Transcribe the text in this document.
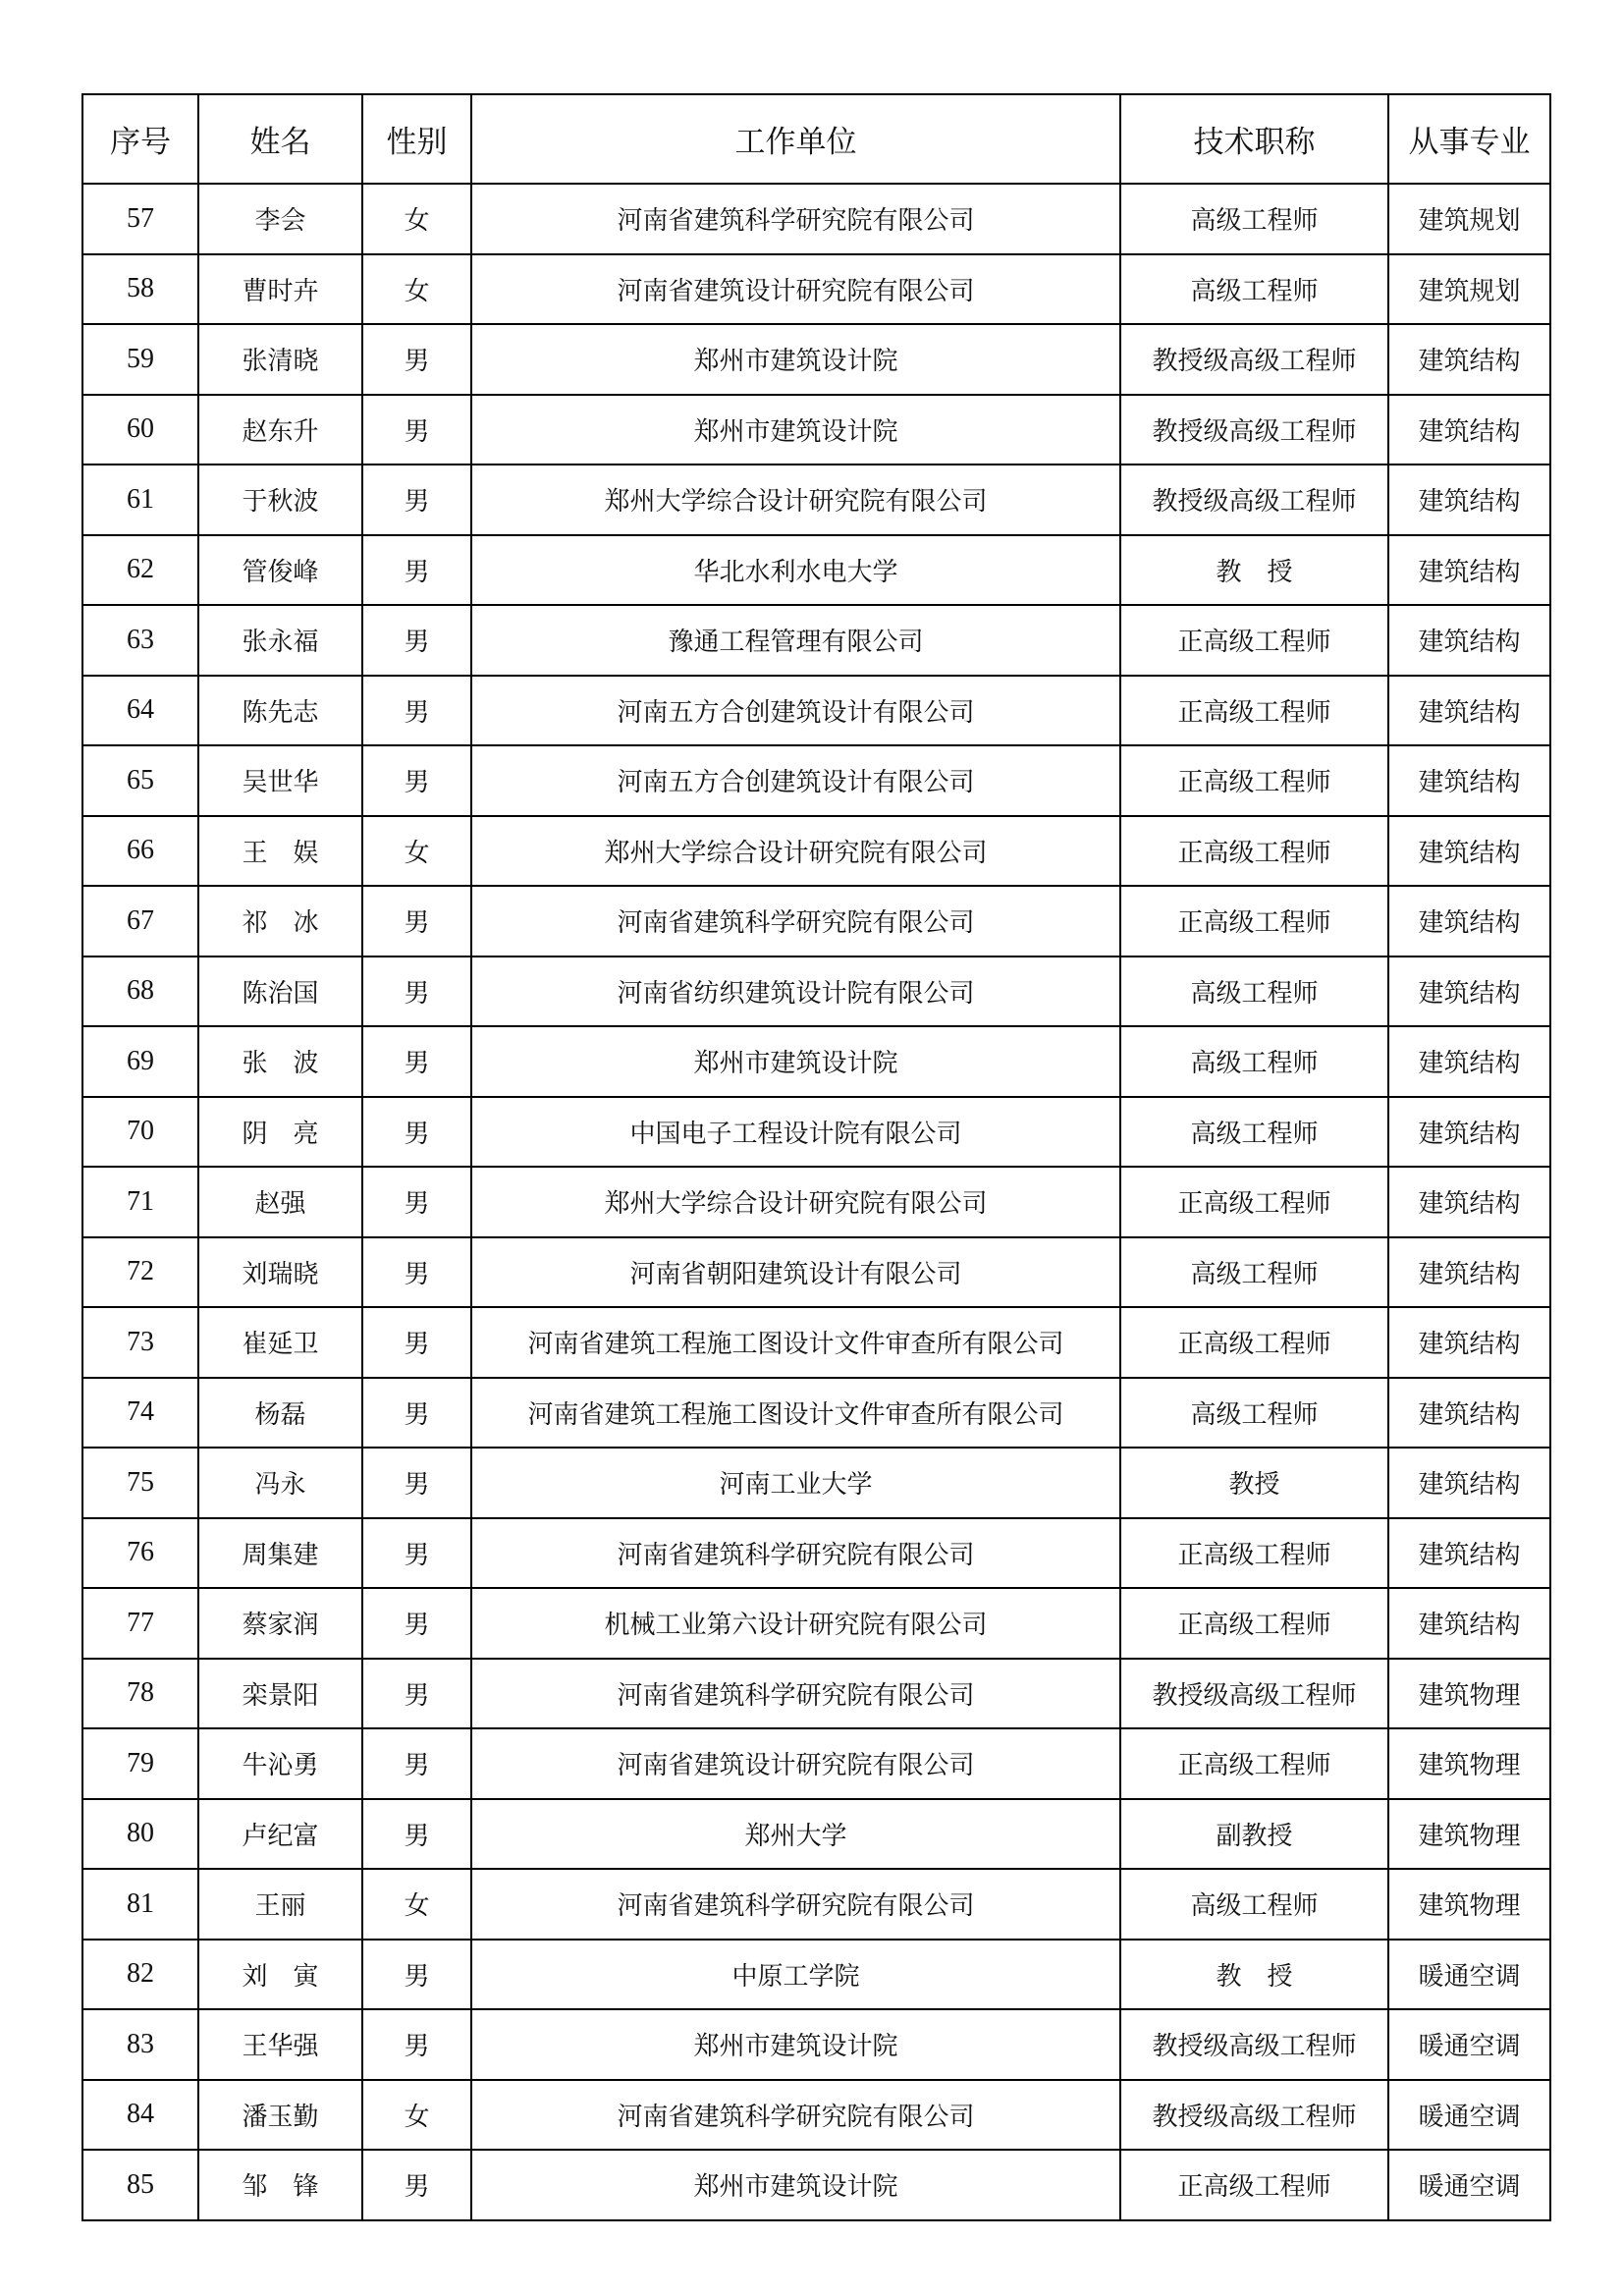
序号	姓名	性别	工作单位	技术职称	从事专业
57	李会	女	河南省建筑科学研究院有限公司	高级工程师	建筑规划
58	曹时卉	女	河南省建筑设计研究院有限公司	高级工程师	建筑规划
59	张清晓	男	郑州市建筑设计院	教授级高级工程师	建筑结构
60	赵东升	男	郑州市建筑设计院	教授级高级工程师	建筑结构
61	于秋波	男	郑州大学综合设计研究院有限公司	教授级高级工程师	建筑结构
62	管俊峰	男	华北水利水电大学	教　授	建筑结构
63	张永福	男	豫通工程管理有限公司	正高级工程师	建筑结构
64	陈先志	男	河南五方合创建筑设计有限公司	正高级工程师	建筑结构
65	吴世华	男	河南五方合创建筑设计有限公司	正高级工程师	建筑结构
66	王　娱	女	郑州大学综合设计研究院有限公司	正高级工程师	建筑结构
67	祁　冰	男	河南省建筑科学研究院有限公司	正高级工程师	建筑结构
68	陈治国	男	河南省纺织建筑设计院有限公司	高级工程师	建筑结构
69	张　波	男	郑州市建筑设计院	高级工程师	建筑结构
70	阴　亮	男	中国电子工程设计院有限公司	高级工程师	建筑结构
71	赵强	男	郑州大学综合设计研究院有限公司	正高级工程师	建筑结构
72	刘瑞晓	男	河南省朝阳建筑设计有限公司	高级工程师	建筑结构
73	崔延卫	男	河南省建筑工程施工图设计文件审查所有限公司	正高级工程师	建筑结构
74	杨磊	男	河南省建筑工程施工图设计文件审查所有限公司	高级工程师	建筑结构
75	冯永	男	河南工业大学	教授	建筑结构
76	周集建	男	河南省建筑科学研究院有限公司	正高级工程师	建筑结构
77	蔡家润	男	机械工业第六设计研究院有限公司	正高级工程师	建筑结构
78	栾景阳	男	河南省建筑科学研究院有限公司	教授级高级工程师	建筑物理
79	牛沁勇	男	河南省建筑设计研究院有限公司	正高级工程师	建筑物理
80	卢纪富	男	郑州大学	副教授	建筑物理
81	王丽	女	河南省建筑科学研究院有限公司	高级工程师	建筑物理
82	刘　寅	男	中原工学院	教　授	暖通空调
83	王华强	男	郑州市建筑设计院	教授级高级工程师	暖通空调
84	潘玉勤	女	河南省建筑科学研究院有限公司	教授级高级工程师	暖通空调
85	邹　锋	男	郑州市建筑设计院	正高级工程师	暖通空调
